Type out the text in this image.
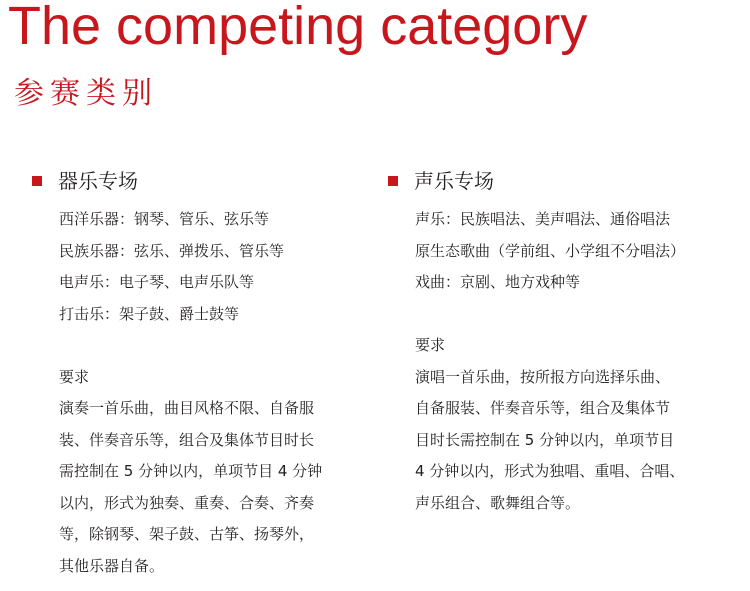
The competing category
参赛类别
器乐专场
西洋乐器：钢琴、管乐、弦乐等
民族乐器：弦乐、弹拨乐、管乐等
电声乐：电子琴、电声乐队等
打击乐：架子鼓、爵士鼓等
要求
演奏一首乐曲，曲目风格不限、自备服
装、伴奏音乐等，组合及集体节目时长
需控制在 5 分钟以内，单项节目 4 分钟
以内，形式为独奏、重奏、合奏、齐奏
等，除钢琴、架子鼓、古筝、扬琴外，
其他乐器自备。
声乐专场
声乐：民族唱法、美声唱法、通俗唱法
原生态歌曲（学前组、小学组不分唱法）
戏曲：京剧、地方戏种等
要求
演唱一首乐曲，按所报方向选择乐曲、
自备服装、伴奏音乐等，组合及集体节
目时长需控制在 5 分钟以内，单项节目
4 分钟以内，形式为独唱、重唱、合唱、
声乐组合、歌舞组合等。
